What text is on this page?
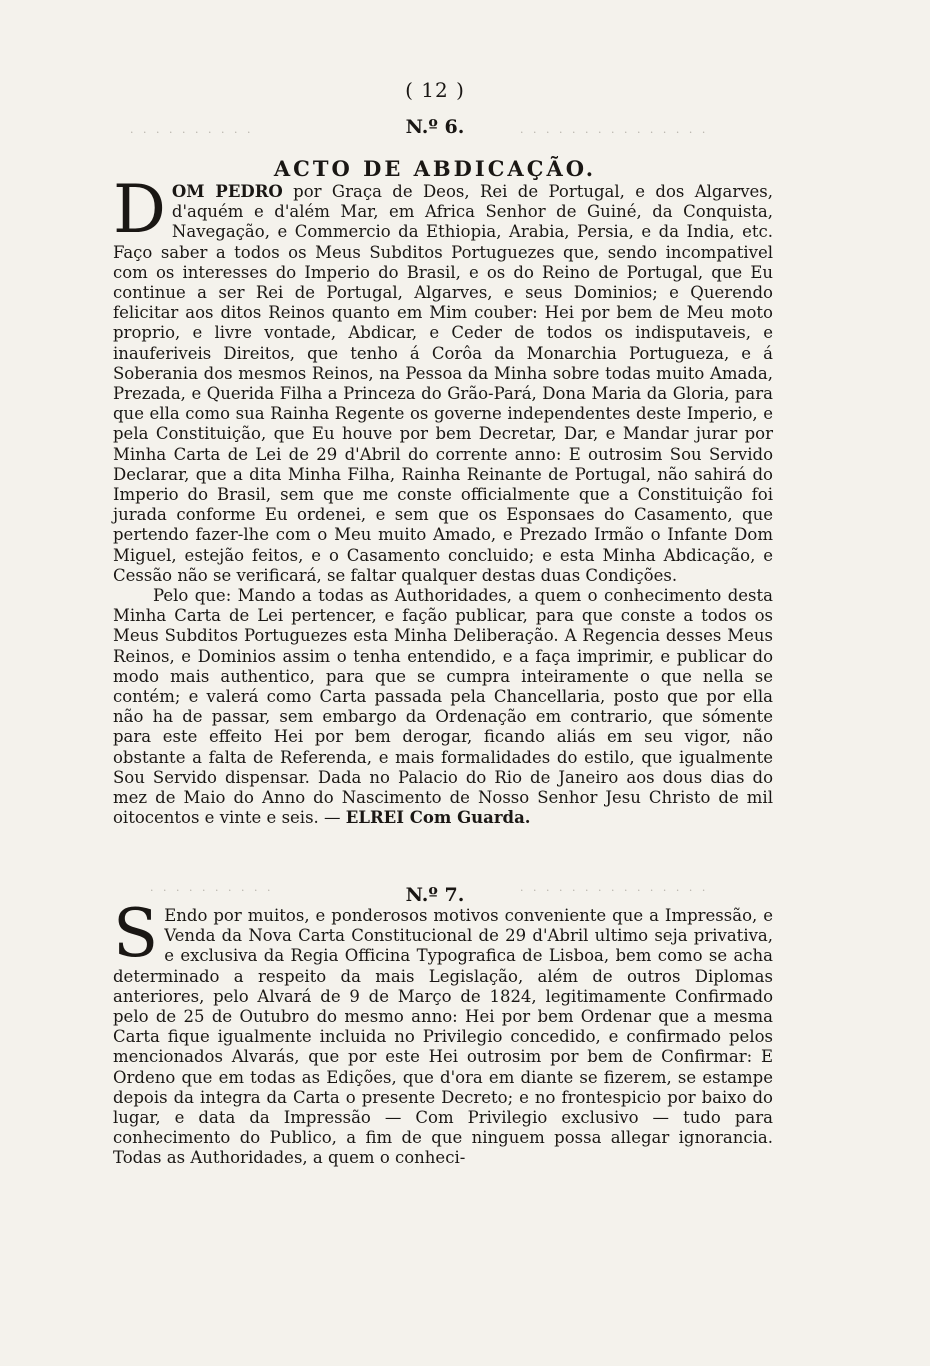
· · · · · · · · · ·	· · · · · · · · · · · · · · ·
· · · · · · · · · ·	· · · · · · · · · · · · · · ·
( 12 )
N.º 6.
ACTO DE ABDICAÇÃO.

DOM PEDRO por Graça de Deos, Rei de Portugal, e dos Algarves, d'aquém e d'além Mar, em Africa Senhor de Guiné, da Conquista, Navegação, e Commercio da Ethiopia, Arabia, Persia, e da India, etc. Faço saber a todos os Meus Subditos Portuguezes que, sendo incompativel com os interesses do Imperio do Brasil, e os do Reino de Portugal, que Eu continue a ser Rei de Portugal, Algarves, e seus Dominios; e Querendo felicitar aos ditos Reinos quanto em Mim couber: Hei por bem de Meu moto proprio, e livre vontade, Abdicar, e Ceder de todos os indisputaveis, e inauferiveis Direitos, que tenho á Corôa da Monarchia Portugueza, e á Soberania dos mesmos Reinos, na Pessoa da Minha sobre todas muito Amada, Prezada, e Querida Filha a Princeza do Grão-Pará, Dona Maria da Gloria, para que ella como sua Rainha Regente os governe independentes deste Imperio, e pela Constituição, que Eu houve por bem Decretar, Dar, e Mandar jurar por Minha Carta de Lei de 29 d'Abril do corrente anno: E outrosim Sou Servido Declarar, que a dita Minha Filha, Rainha Reinante de Portugal, não sahirá do Imperio do Brasil, sem que me conste officialmente que a Constituição foi jurada conforme Eu ordenei, e sem que os Esponsaes do Casamento, que pertendo fazer-lhe com o Meu muito Amado, e Prezado Irmão o Infante Dom Miguel, estejão feitos, e o Casamento concluido; e esta Minha Abdicação, e Cessão não se verificará, se faltar qualquer destas duas Condições.

Pelo que: Mando a todas as Authoridades, a quem o conhecimento desta Minha Carta de Lei pertencer, e fação publicar, para que conste a todos os Meus Subditos Portuguezes esta Minha Deliberação. A Regencia desses Meus Reinos, e Dominios assim o tenha entendido, e a faça imprimir, e publicar do modo mais authentico, para que se cumpra inteiramente o que nella se contém; e valerá como Carta passada pela Chancellaria, posto que por ella não ha de passar, sem embargo da Ordenação em contrario, que sómente para este effeito Hei por bem derogar, ficando aliás em seu vigor, não obstante a falta de Referenda, e mais formalidades do estilo, que igualmente Sou Servido dispensar. Dada no Palacio do Rio de Janeiro aos dous dias do mez de Maio do Anno do Nascimento de Nosso Senhor Jesu Christo de mil oitocentos e vinte e seis. — ELREI Com Guarda.

N.º 7.

S Endo por muitos, e ponderosos motivos conveniente que a Impressão, e Venda da Nova Carta Constitucional de 29 d'Abril ultimo seja privativa, e exclusiva da Regia Officina Typografica de Lisboa, bem como se acha determinado a respeito da mais Legislação, além de outros Diplomas anteriores, pelo Alvará de 9 de Março de 1824, legitimamente Confirmado pelo de 25 de Outubro do mesmo anno: Hei por bem Ordenar que a mesma Carta fique igualmente incluida no Privilegio concedido, e confirmado pelos mencionados Alvarás, que por este Hei outrosim por bem de Confirmar: E Ordeno que em todas as Edições, que d'ora em diante se fizerem, se estampe depois da integra da Carta o presente Decreto; e no frontespicio por baixo do lugar, e data da Impressão — Com Privilegio exclusivo — tudo para conhecimento do Publico, a fim de que ninguem possa allegar ignorancia. Todas as Authoridades, a quem o conheci-
